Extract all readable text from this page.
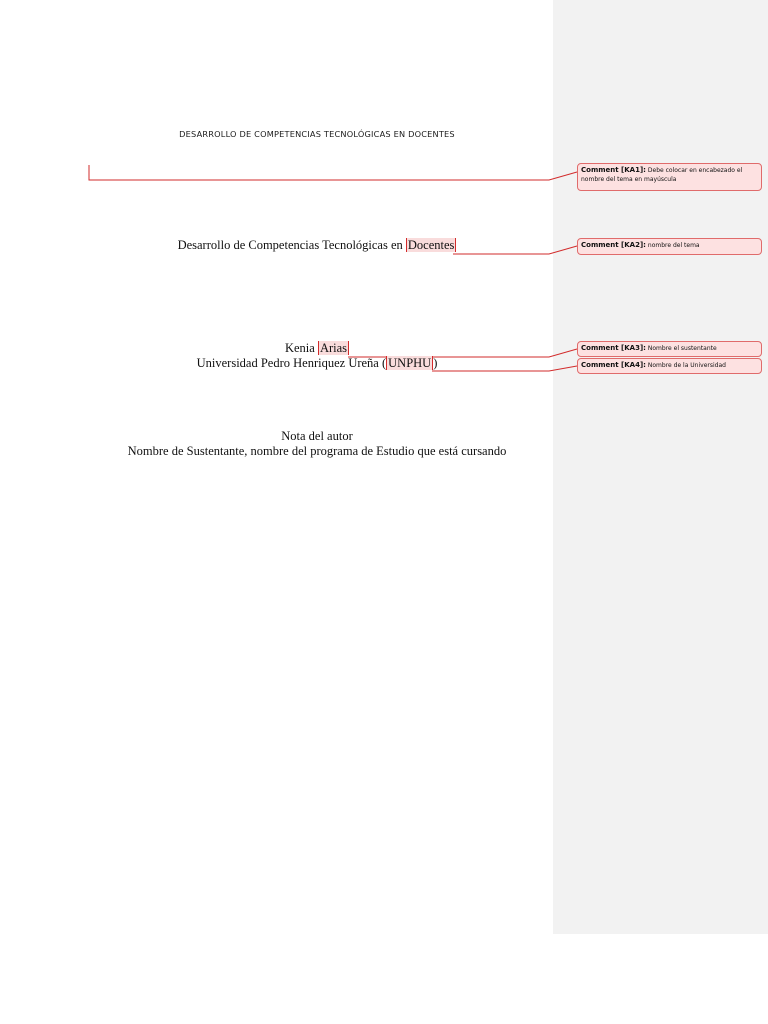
DESARROLLO DE COMPETENCIAS TECNOLÓGICAS EN DOCENTES
Desarrollo de Competencias Tecnológicas en Docentes
Kenia Arias
Universidad Pedro Henriquez Ureña ( UNPHU )
Nota del autor
Nombre de Sustentante, nombre del programa de Estudio que está cursando
Comment [KA1]: Debe colocar en encabezado el nombre del tema en mayúscula
Comment [KA2]: nombre del tema
Comment [KA3]: Nombre el sustentante
Comment [KA4]: Nombre de la Universidad
